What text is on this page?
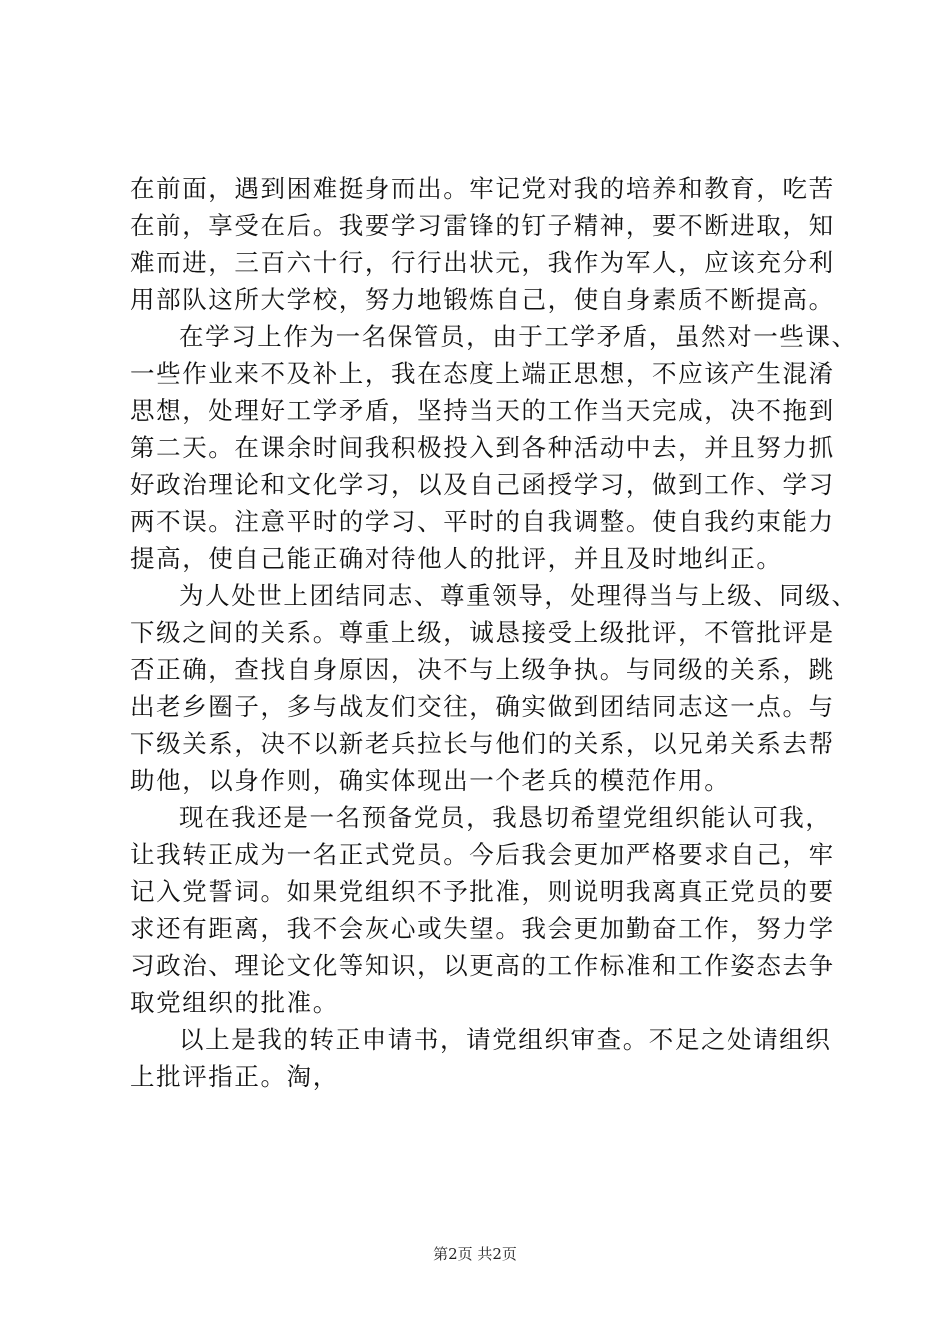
在前面，遇到困难挺身而出。牢记党对我的培养和教育，吃苦
在前，享受在后。我要学习雷锋的钉子精神，要不断进取，知
难而进，三百六十行，行行出状元，我作为军人，应该充分利
用部队这所大学校，努力地锻炼自己，使自身素质不断提高。
在学习上作为一名保管员，由于工学矛盾，虽然对一些课、
一些作业来不及补上，我在态度上端正思想，不应该产生混淆
思想，处理好工学矛盾，坚持当天的工作当天完成，决不拖到
第二天。在课余时间我积极投入到各种活动中去，并且努力抓
好政治理论和文化学习，以及自己函授学习，做到工作、学习
两不误。注意平时的学习、平时的自我调整。使自我约束能力
提高，使自己能正确对待他人的批评，并且及时地纠正。
为人处世上团结同志、尊重领导，处理得当与上级、同级、
下级之间的关系。尊重上级，诚恳接受上级批评，不管批评是
否正确，查找自身原因，决不与上级争执。与同级的关系，跳
出老乡圈子，多与战友们交往，确实做到团结同志这一点。与
下级关系，决不以新老兵拉长与他们的关系，以兄弟关系去帮
助他，以身作则，确实体现出一个老兵的模范作用。
现在我还是一名预备党员，我恳切希望党组织能认可我，
让我转正成为一名正式党员。今后我会更加严格要求自己，牢
记入党誓词。如果党组织不予批准，则说明我离真正党员的要
求还有距离，我不会灰心或失望。我会更加勤奋工作，努力学
习政治、理论文化等知识，以更高的工作标准和工作姿态去争
取党组织的批准。
以上是我的转正申请书，请党组织审查。不足之处请组织
上批评指正。淘，
第2页 共2页
